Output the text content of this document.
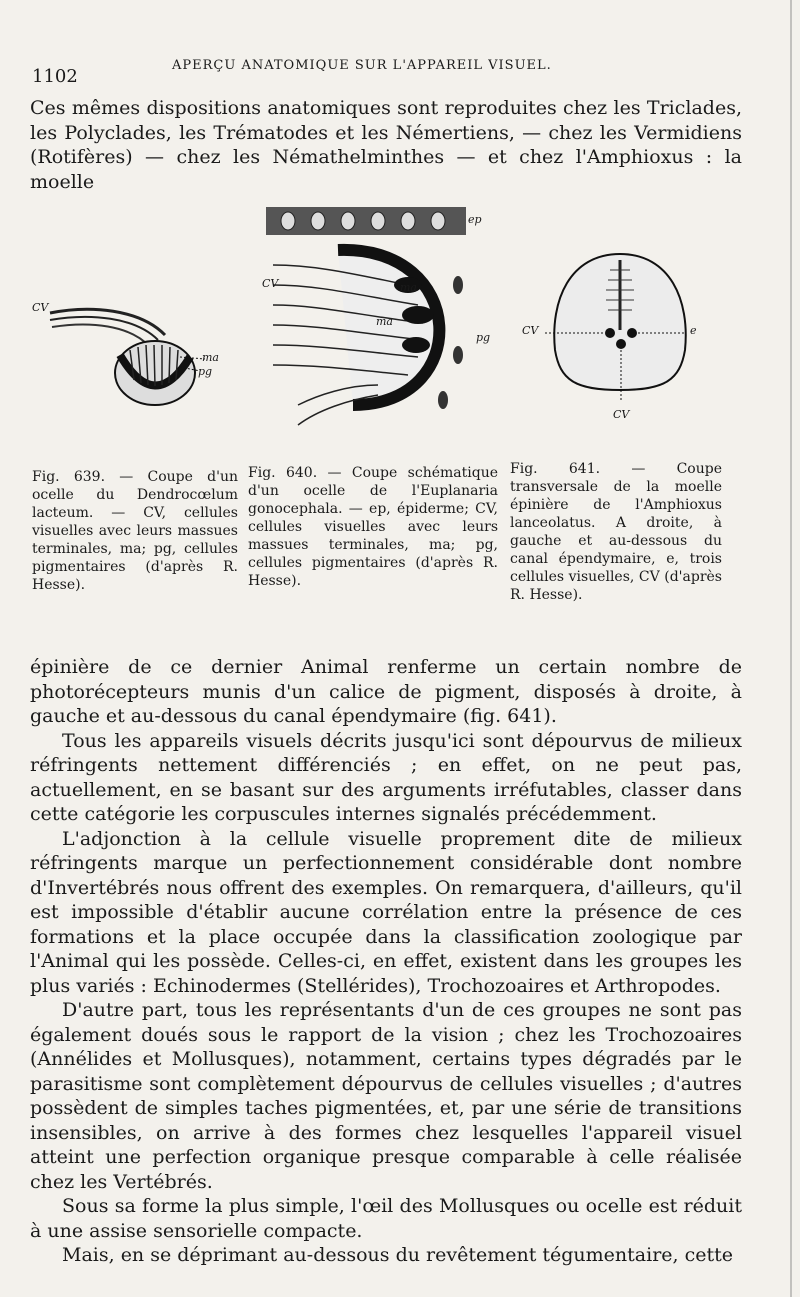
1102
APERÇU ANATOMIQUE SUR L'APPAREIL VISUEL.

Ces mêmes dispositions anatomiques sont reproduites chez les Triclades, les Polyclades, les Trématodes et les Némertiens, — chez les Vermidiens (Rotifères) — chez les Némathelminthes — et chez l'Amphioxus : la moelle

CV
ma
pg
ep
CV	ma
ma
pg
CV	e
CV
Fig. 639. — Coupe d'un ocelle du Dendrocœlum lacteum. — CV, cellules visuelles avec leurs massues terminales, ma; pg, cellules pigmentaires (d'après R. Hesse).
Fig. 640. — Coupe schématique d'un ocelle de l'Euplanaria gonocephala. — ep, épiderme; CV, cellules visuelles avec leurs massues terminales, ma; pg, cellules pigmentaires (d'après R. Hesse).
Fig. 641. — Coupe transversale de la moelle épinière de l'Amphioxus lanceolatus. A droite, à gauche et au-dessous du canal épendymaire, e, trois cellules visuelles, CV (d'après R. Hesse).

épinière de ce dernier Animal renferme un certain nombre de photorécepteurs munis d'un calice de pigment, disposés à droite, à gauche et au-dessous du canal épendymaire (fig. 641).

Tous les appareils visuels décrits jusqu'ici sont dépourvus de milieux réfringents nettement différenciés ; en effet, on ne peut pas, actuellement, en se basant sur des arguments irréfutables, classer dans cette catégorie les corpuscules internes signalés précédemment.

L'adjonction à la cellule visuelle proprement dite de milieux réfringents marque un perfectionnement considérable dont nombre d'Invertébrés nous offrent des exemples. On remarquera, d'ailleurs, qu'il est impossible d'établir aucune corrélation entre la présence de ces formations et la place occupée dans la classification zoologique par l'Animal qui les possède. Celles-ci, en effet, existent dans les groupes les plus variés : Echinodermes (Stellérides), Trochozoaires et Arthropodes.

D'autre part, tous les représentants d'un de ces groupes ne sont pas également doués sous le rapport de la vision ; chez les Trochozoaires (Annélides et Mollusques), notamment, certains types dégradés par le parasitisme sont complètement dépourvus de cellules visuelles ; d'autres possèdent de simples taches pigmentées, et, par une série de transitions insensibles, on arrive à des formes chez lesquelles l'appareil visuel atteint une perfection organique presque comparable à celle réalisée chez les Vertébrés.

Sous sa forme la plus simple, l'œil des Mollusques ou ocelle est réduit à une assise sensorielle compacte.

Mais, en se déprimant au-dessous du revêtement tégumentaire, cette
